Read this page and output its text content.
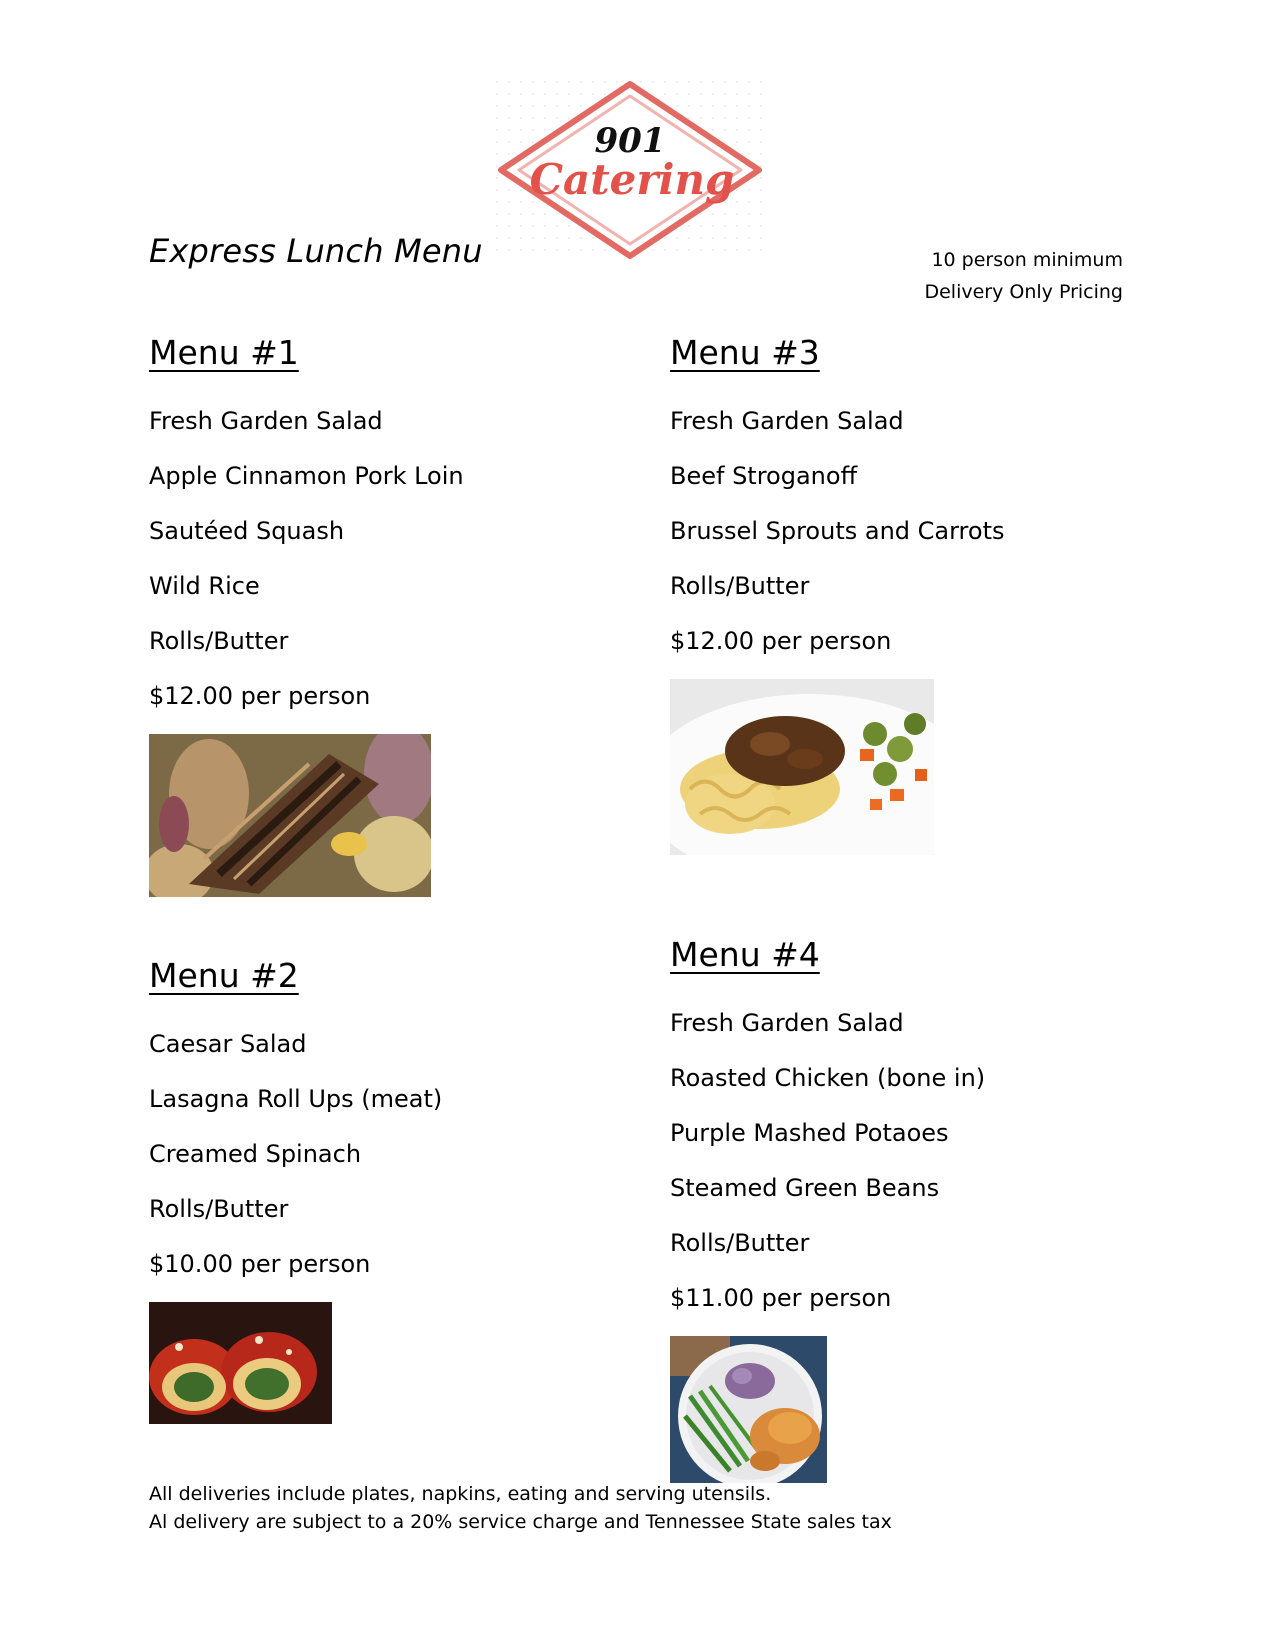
901
Catering
Express Lunch Menu	10 person minimum
Delivery Only Pricing
Menu #1
Fresh Garden Salad
Apple Cinnamon Pork Loin
Sautéed Squash
Wild Rice
Rolls/Butter
$12.00 per person
Menu #3
Fresh Garden Salad
Beef Stroganoff
Brussel Sprouts and Carrots
Rolls/Butter
$12.00 per person
Menu #2
Caesar Salad
Lasagna Roll Ups (meat)
Creamed Spinach
Rolls/Butter
$10.00 per person
Menu #4
Fresh Garden Salad
Roasted Chicken (bone in)
Purple Mashed Potaoes
Steamed Green Beans
Rolls/Butter
$11.00 per person
All deliveries include plates, napkins, eating and serving utensils.
Al delivery are subject to a 20% service charge and Tennessee State sales tax
